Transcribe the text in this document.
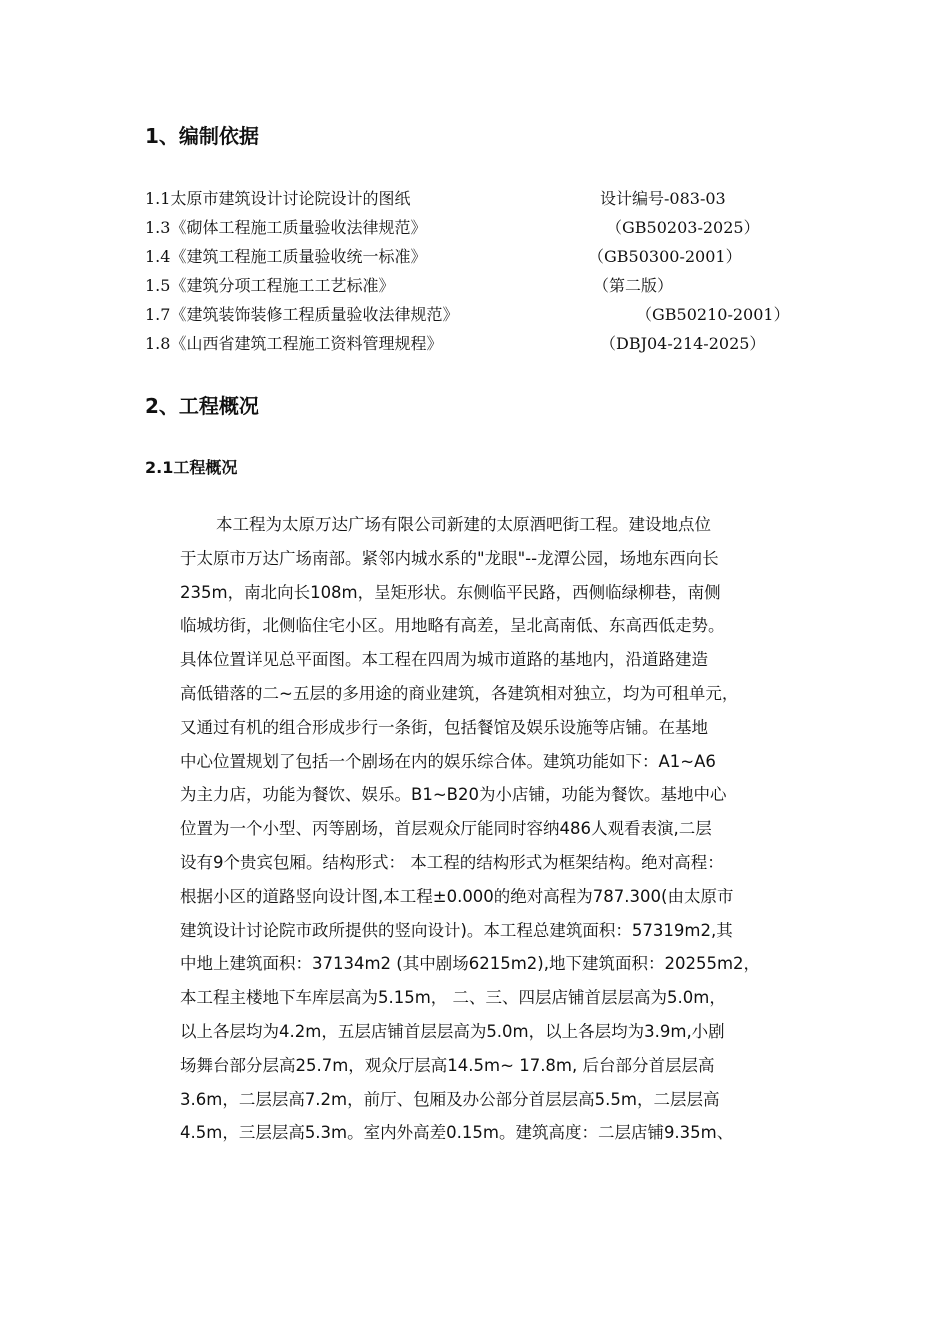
1、编制依据
1.1太原市建筑设计讨论院设计的图纸	设计编号-083-03
1.3《砌体工程施工质量验收法律规范》	（GB50203-2025）
1.4《建筑工程施工质量验收统一标准》	（GB50300-2001）
1.5《建筑分项工程施工工艺标准》	（第二版）
1.7《建筑装饰装修工程质量验收法律规范》	（GB50210-2001）
1.8《山西省建筑工程施工资料管理规程》	（DBJ04-214-2025）
2、工程概况
2.1工程概况
本工程为太原万达广场有限公司新建的太原酒吧街工程。建设地点位
于太原市万达广场南部。紧邻内城水系的"龙眼"--龙潭公园，场地东西向长
235m，南北向长108m，呈矩形状。东侧临平民路，西侧临绿柳巷，南侧
临城坊街，北侧临住宅小区。用地略有高差，呈北高南低、东高西低走势。
具体位置详见总平面图。本工程在四周为城市道路的基地内，沿道路建造
高低错落的二~五层的多用途的商业建筑，各建筑相对独立，均为可租单元，
又通过有机的组合形成步行一条街，包括餐馆及娱乐设施等店铺。在基地
中心位置规划了包括一个剧场在内的娱乐综合体。建筑功能如下：A1~A6
为主力店，功能为餐饮、娱乐。B1~B20为小店铺，功能为餐饮。基地中心
位置为一个小型、丙等剧场，首层观众厅能同时容纳486人观看表演,二层
设有9个贵宾包厢。结构形式： 本工程的结构形式为框架结构。绝对高程：
根据小区的道路竖向设计图,本工程±0.000的绝对高程为787.300(由太原市
建筑设计讨论院市政所提供的竖向设计)。本工程总建筑面积：57319m2,其
中地上建筑面积：37134m2 (其中剧场6215m2),地下建筑面积：20255m2，
本工程主楼地下车库层高为5.15m， 二、三、四层店铺首层层高为5.0m，
以上各层均为4.2m，五层店铺首层层高为5.0m，以上各层均为3.9m,小剧
场舞台部分层高25.7m，观众厅层高14.5m~ 17.8m, 后台部分首层层高
3.6m，二层层高7.2m，前厅、包厢及办公部分首层层高5.5m，二层层高
4.5m，三层层高5.3m。室内外高差0.15m。建筑高度：二层店铺9.35m、
